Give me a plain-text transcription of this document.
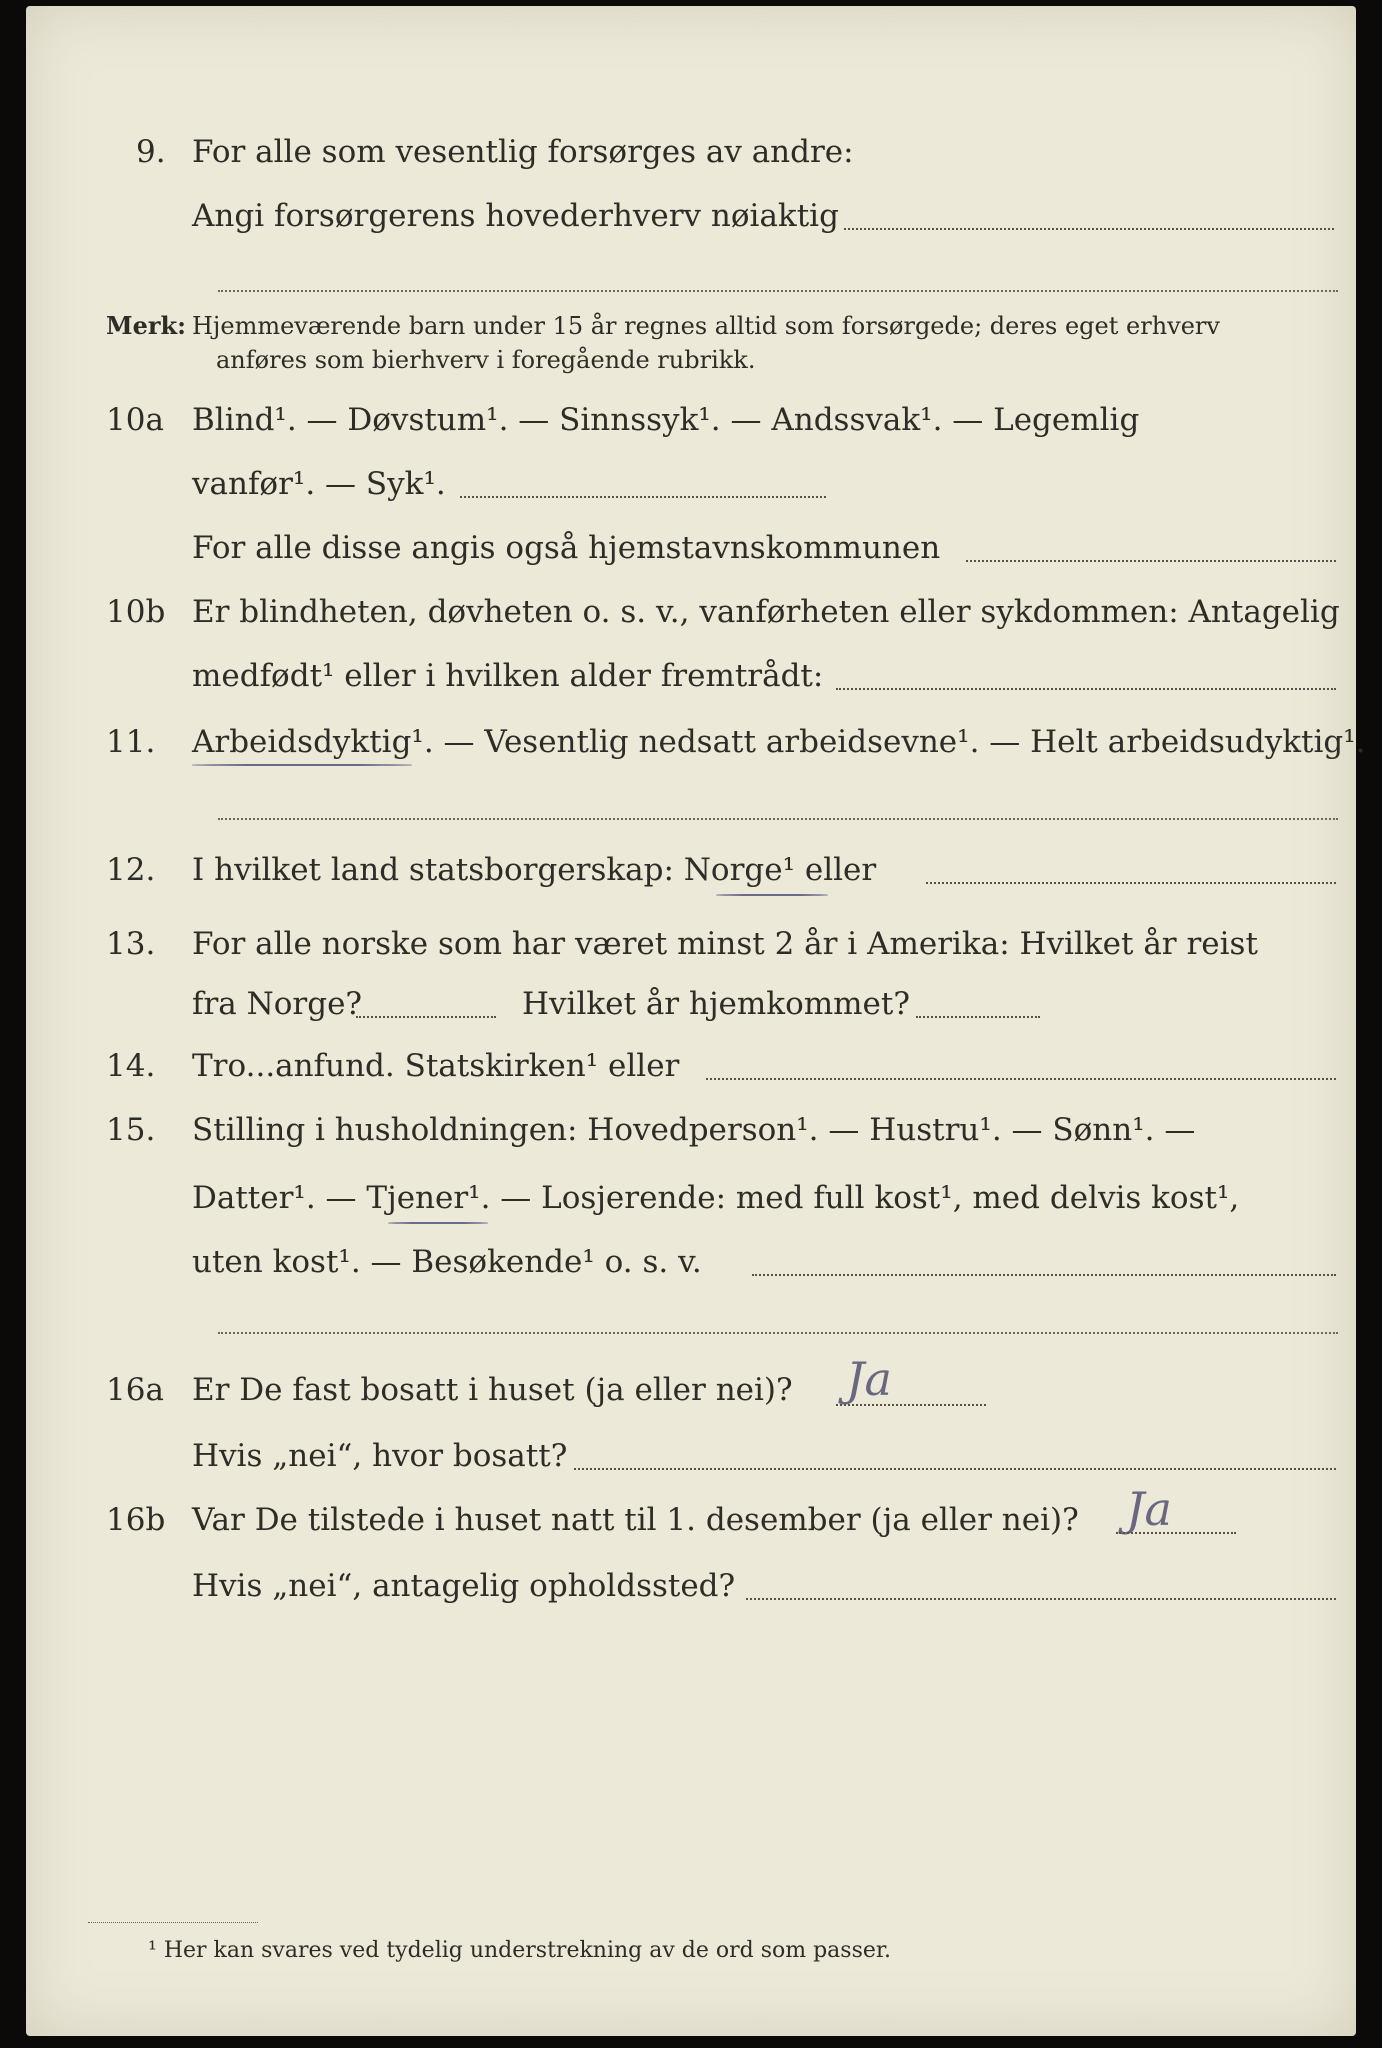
9. For alle som vesentlig forsørges av andre:
Angi forsørgerens hovederhverv nøiaktig
Merk: Hjemmeværende barn under 15 år regnes alltid som forsørgede; deres eget erhverv
anføres som bierhverv i foregående rubrikk.
10a Blind¹. — Døvstum¹. — Sinnssyk¹. — Andssvak¹. — Legemlig
vanfør¹. — Syk¹.
For alle disse angis også hjemstavnskommunen
10b Er blindheten, døvheten o. s. v., vanførheten eller sykdommen: Antagelig
medfødt¹ eller i hvilken alder fremtrådt:
11. Arbeidsdyktig¹. — Vesentlig nedsatt arbeidsevne¹. — Helt arbeidsudyktig¹.
12. I hvilket land statsborgerskap: Norge¹ eller
13. For alle norske som har været minst 2 år i Amerika: Hvilket år reist
fra Norge?	Hvilket år hjemkommet?
14. Tro...anfund. Statskirken¹ eller
15. Stilling i husholdningen: Hovedperson¹. — Hustru¹. — Sønn¹. —
Datter¹. — Tjener¹. — Losjerende: med full kost¹, med delvis kost¹,
uten kost¹. — Besøkende¹ o. s. v.
16a Er De fast bosatt i huset (ja eller nei)? Ja
Hvis „nei“, hvor bosatt?
16b Var De tilstede i huset natt til 1. desember (ja eller nei)? Ja
Hvis „nei“, antagelig opholdssted?
¹ Her kan svares ved tydelig understrekning av de ord som passer.
